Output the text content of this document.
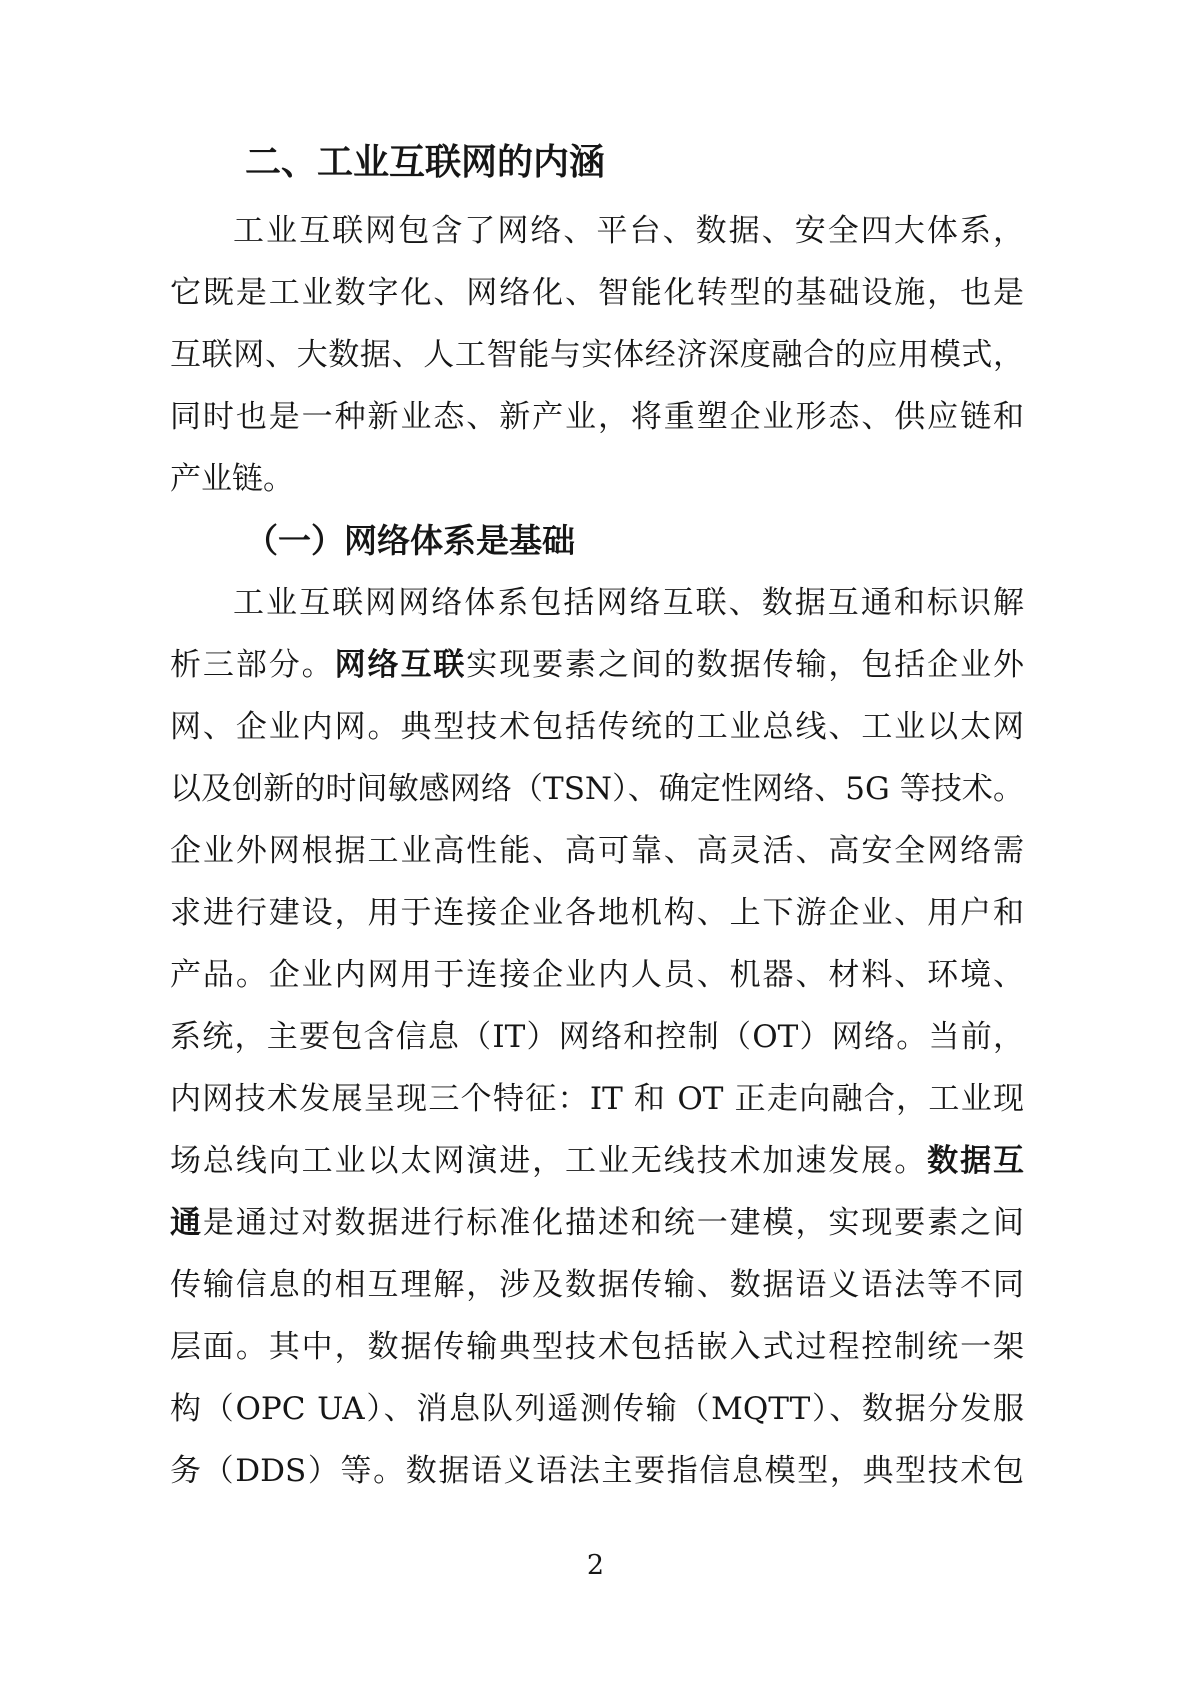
二、工业互联网的内涵
工业互联网包含了网络、平台、数据、安全四大体系，
它既是工业数字化、网络化、智能化转型的基础设施，也是
互联网、大数据、人工智能与实体经济深度融合的应用模式，
同时也是一种新业态、新产业，将重塑企业形态、供应链和
产业链。
（一）网络体系是基础
工业互联网网络体系包括网络互联、数据互通和标识解
析三部分。网络互联实现要素之间的数据传输，包括企业外
网、企业内网。典型技术包括传统的工业总线、工业以太网
以及创新的时间敏感网络（TSN）、确定性网络、5G 等技术。
企业外网根据工业高性能、高可靠、高灵活、高安全网络需
求进行建设，用于连接企业各地机构、上下游企业、用户和
产品。企业内网用于连接企业内人员、机器、材料、环境、
系统，主要包含信息（IT）网络和控制（OT）网络。当前，
内网技术发展呈现三个特征：IT 和 OT 正走向融合，工业现
场总线向工业以太网演进，工业无线技术加速发展。数据互
通是通过对数据进行标准化描述和统一建模，实现要素之间
传输信息的相互理解，涉及数据传输、数据语义语法等不同
层面。其中，数据传输典型技术包括嵌入式过程控制统一架
构（OPC UA）、消息队列遥测传输（MQTT）、数据分发服
务（DDS）等。数据语义语法主要指信息模型，典型技术包
2
